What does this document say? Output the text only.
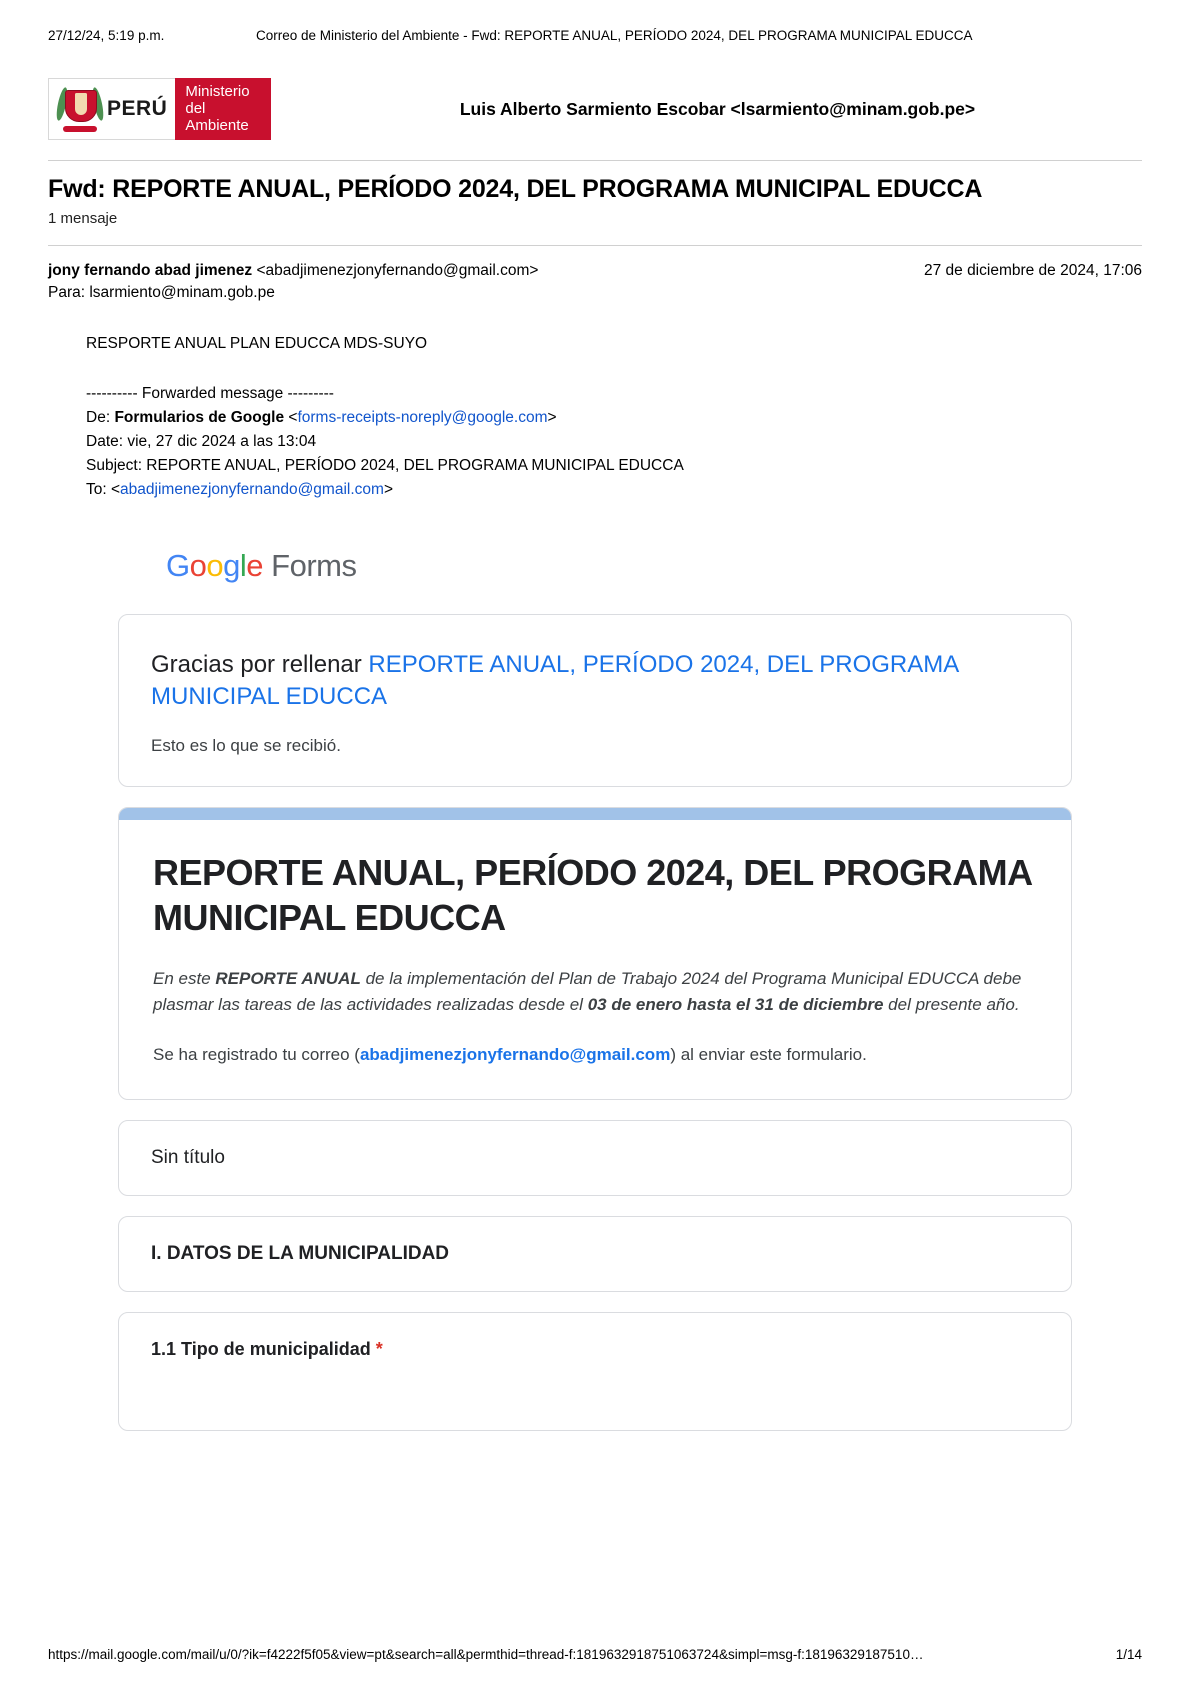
27/12/24, 5:19 p.m.	Correo de Ministerio del Ambiente - Fwd: REPORTE ANUAL, PERÍODO 2024, DEL PROGRAMA MUNICIPAL EDUCCA
PERÚ
Ministerio
del Ambiente
Luis Alberto Sarmiento Escobar <lsarmiento@minam.gob.pe>
Fwd: REPORTE ANUAL, PERÍODO 2024, DEL PROGRAMA MUNICIPAL EDUCCA
1 mensaje
jony fernando abad jimenez <abadjimenezjonyfernando@gmail.com>	27 de diciembre de 2024, 17:06
Para: lsarmiento@minam.gob.pe
RESPORTE ANUAL PLAN EDUCCA MDS-SUYO
---------- Forwarded message ---------
De: Formularios de Google <forms-receipts-noreply@google.com>
Date: vie, 27 dic 2024 a las 13:04
Subject: REPORTE ANUAL, PERÍODO 2024, DEL PROGRAMA MUNICIPAL EDUCCA
To: <abadjimenezjonyfernando@gmail.com>
Google Forms
Gracias por rellenar REPORTE ANUAL, PERÍODO 2024, DEL PROGRAMA MUNICIPAL EDUCCA
Esto es lo que se recibió.
REPORTE ANUAL, PERÍODO 2024, DEL PROGRAMA MUNICIPAL EDUCCA
En este REPORTE ANUAL de la implementación del Plan de Trabajo 2024 del Programa Municipal EDUCCA debe plasmar las tareas de las actividades realizadas desde el 03 de enero hasta el 31 de diciembre del presente año.
Se ha registrado tu correo (abadjimenezjonyfernando@gmail.com) al enviar este formulario.
Sin título
I. DATOS DE LA MUNICIPALIDAD
1.1 Tipo de municipalidad *
https://mail.google.com/mail/u/0/?ik=f4222f5f05&view=pt&search=all&permthid=thread-f:1819632918751063724&simpl=msg-f:18196329187510…	1/14
